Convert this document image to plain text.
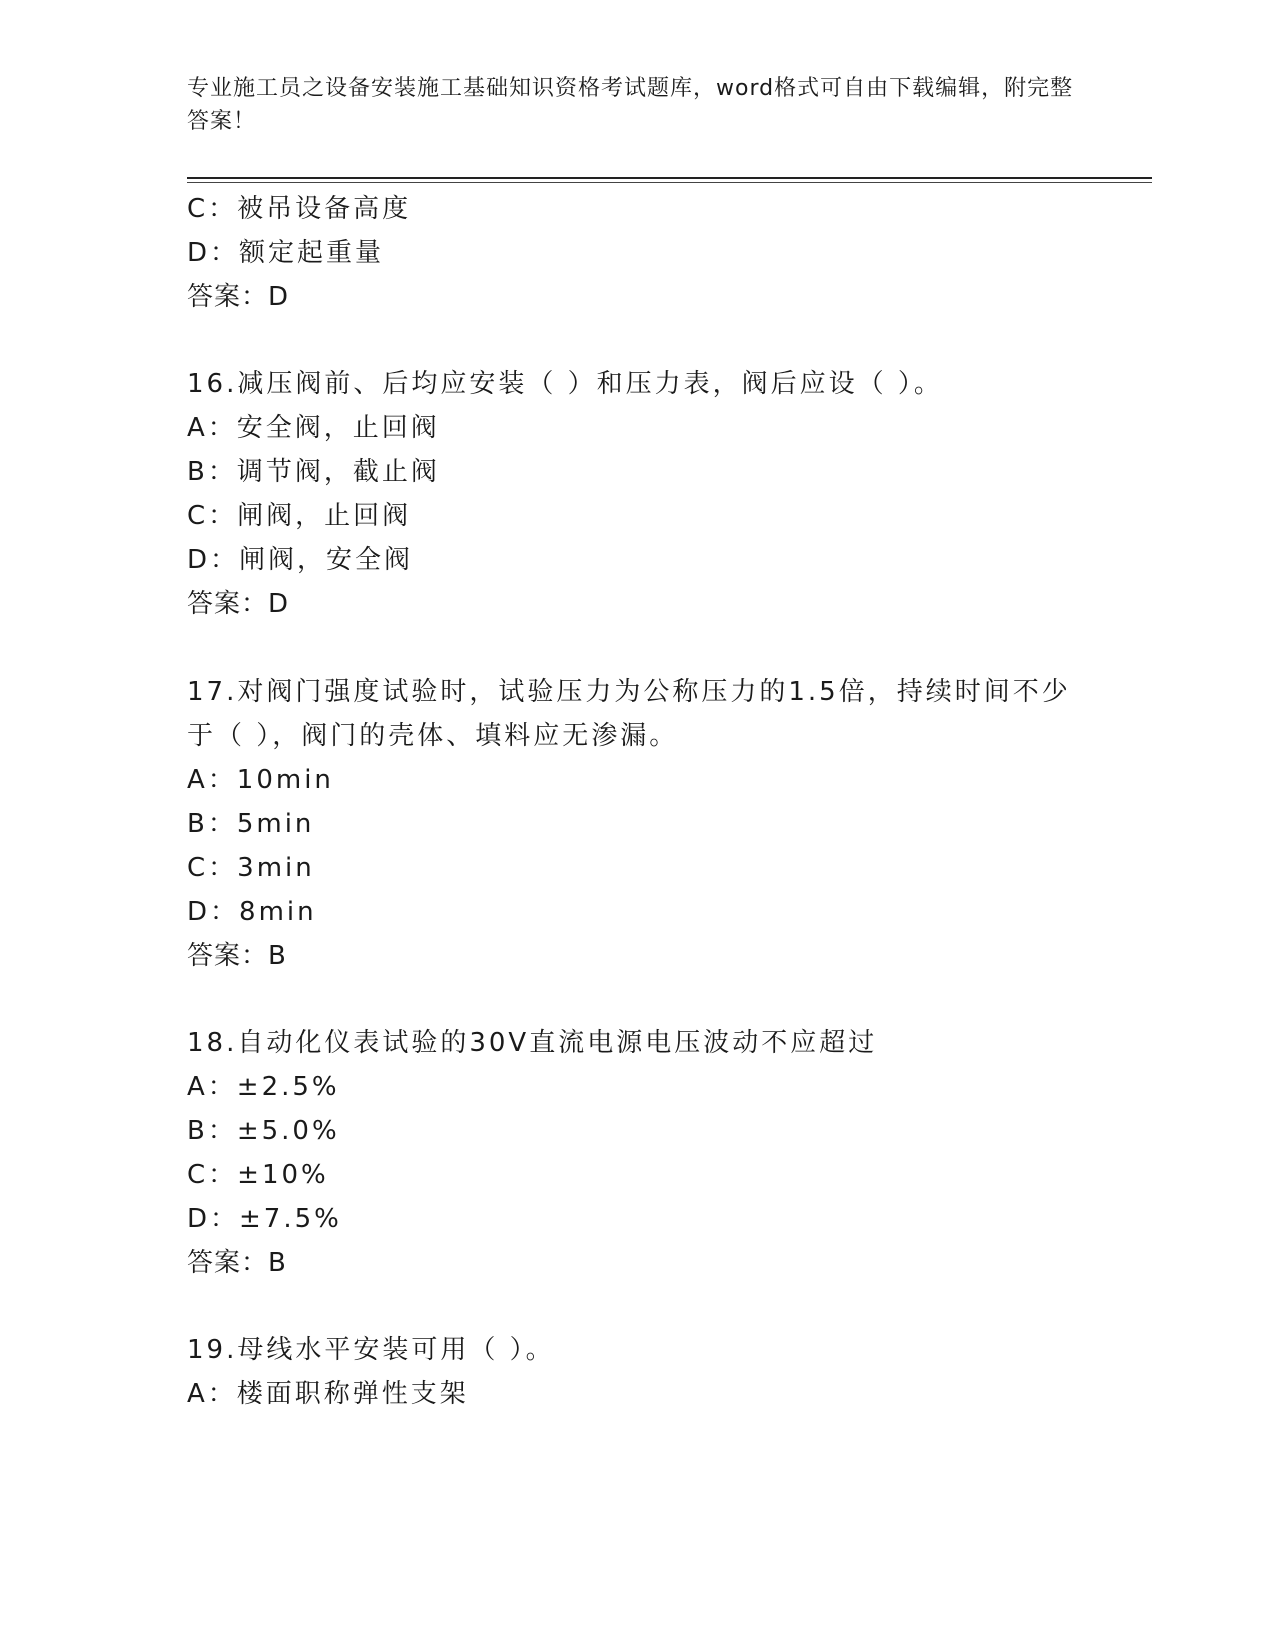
专业施工员之设备安装施工基础知识资格考试题库，word格式可自由下载编辑，附完整答案！
C：被吊设备高度
D：额定起重量
答案：D
16.减压阀前、后均应安装（ ）和压力表，阀后应设（ ）。
A：安全阀，止回阀
B：调节阀，截止阀
C：闸阀，止回阀
D：闸阀，安全阀
答案：D
17.对阀门强度试验时，试验压力为公称压力的1.5倍，持续时间不少
于（ ），阀门的壳体、填料应无渗漏。
A：10min
B：5min
C：3min
D：8min
答案：B
18.自动化仪表试验的30V直流电源电压波动不应超过
A：±2.5%
B：±5.0%
C：±10%
D：±7.5%
答案：B
19.母线水平安装可用（ ）。
A：楼面职称弹性支架
